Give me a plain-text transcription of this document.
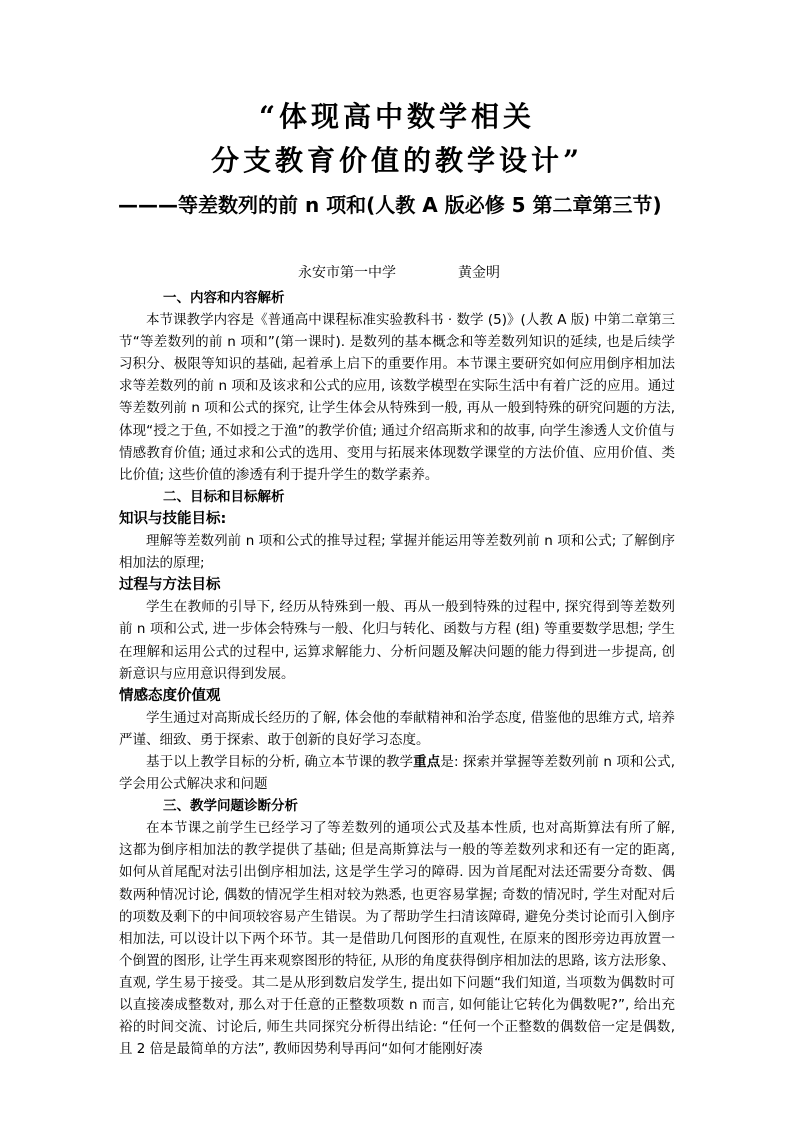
“体现高中数学相关
分支教育价值的教学设计”
———等差数列的前 n 项和(人教 A 版必修 5 第二章第三节)
永安市第一中学	黄金明
一、内容和内容解析

本节课教学内容是《普通高中课程标准实验教科书 · 数学 (5)》(人教 A 版) 中第二章第三节“等差数列的前 n 项和”(第一课时). 是数列的基本概念和等差数列知识的延续, 也是后续学习积分、极限等知识的基础, 起着承上启下的重要作用。本节课主要研究如何应用倒序相加法求等差数列的前 n 项和及该求和公式的应用, 该数学模型在实际生活中有着广泛的应用。通过等差数列前 n 项和公式的探究, 让学生体会从特殊到一般, 再从一般到特殊的研究问题的方法, 体现“授之于鱼, 不如授之于渔”的教学价值; 通过介绍高斯求和的故事, 向学生渗透人文价值与情感教育价值; 通过求和公式的选用、变用与拓展来体现数学课堂的方法价值、应用价值、类比价值; 这些价值的渗透有利于提升学生的数学素养。

二、目标和目标解析
知识与技能目标:

理解等差数列前 n 项和公式的推导过程; 掌握并能运用等差数列前 n 项和公式; 了解倒序相加法的原理;

过程与方法目标

学生在教师的引导下, 经历从特殊到一般、再从一般到特殊的过程中, 探究得到等差数列前 n 项和公式, 进一步体会特殊与一般、化归与转化、函数与方程 (组) 等重要数学思想; 学生在理解和运用公式的过程中, 运算求解能力、分析问题及解决问题的能力得到进一步提高, 创新意识与应用意识得到发展。

情感态度价值观

学生通过对高斯成长经历的了解, 体会他的奉献精神和治学态度, 借鉴他的思维方式, 培养严谨、细致、勇于探索、敢于创新的良好学习态度。

基于以上教学目标的分析, 确立本节课的教学重点是: 探索并掌握等差数列前 n 项和公式, 学会用公式解决求和问题

三、教学问题诊断分析

在本节课之前学生已经学习了等差数列的通项公式及基本性质, 也对高斯算法有所了解, 这都为倒序相加法的教学提供了基础; 但是高斯算法与一般的等差数列求和还有一定的距离, 如何从首尾配对法引出倒序相加法, 这是学生学习的障碍. 因为首尾配对法还需要分奇数、偶数两种情况讨论, 偶数的情况学生相对较为熟悉, 也更容易掌握; 奇数的情况时, 学生对配对后的项数及剩下的中间项较容易产生错误。为了帮助学生扫清该障碍, 避免分类讨论而引入倒序相加法, 可以设计以下两个环节。其一是借助几何图形的直观性, 在原来的图形旁边再放置一个倒置的图形, 让学生再来观察图形的特征, 从形的角度获得倒序相加法的思路, 该方法形象、直观, 学生易于接受。其二是从形到数启发学生, 提出如下问题“我们知道, 当项数为偶数时可以直接凑成整数对, 那么对于任意的正整数项数 n 而言, 如何能让它转化为偶数呢?”, 给出充裕的时间交流、讨论后, 师生共同探究分析得出结论: “任何一个正整数的偶数倍一定是偶数, 且 2 倍是最简单的方法”, 教师因势利导再问“如何才能刚好凑
